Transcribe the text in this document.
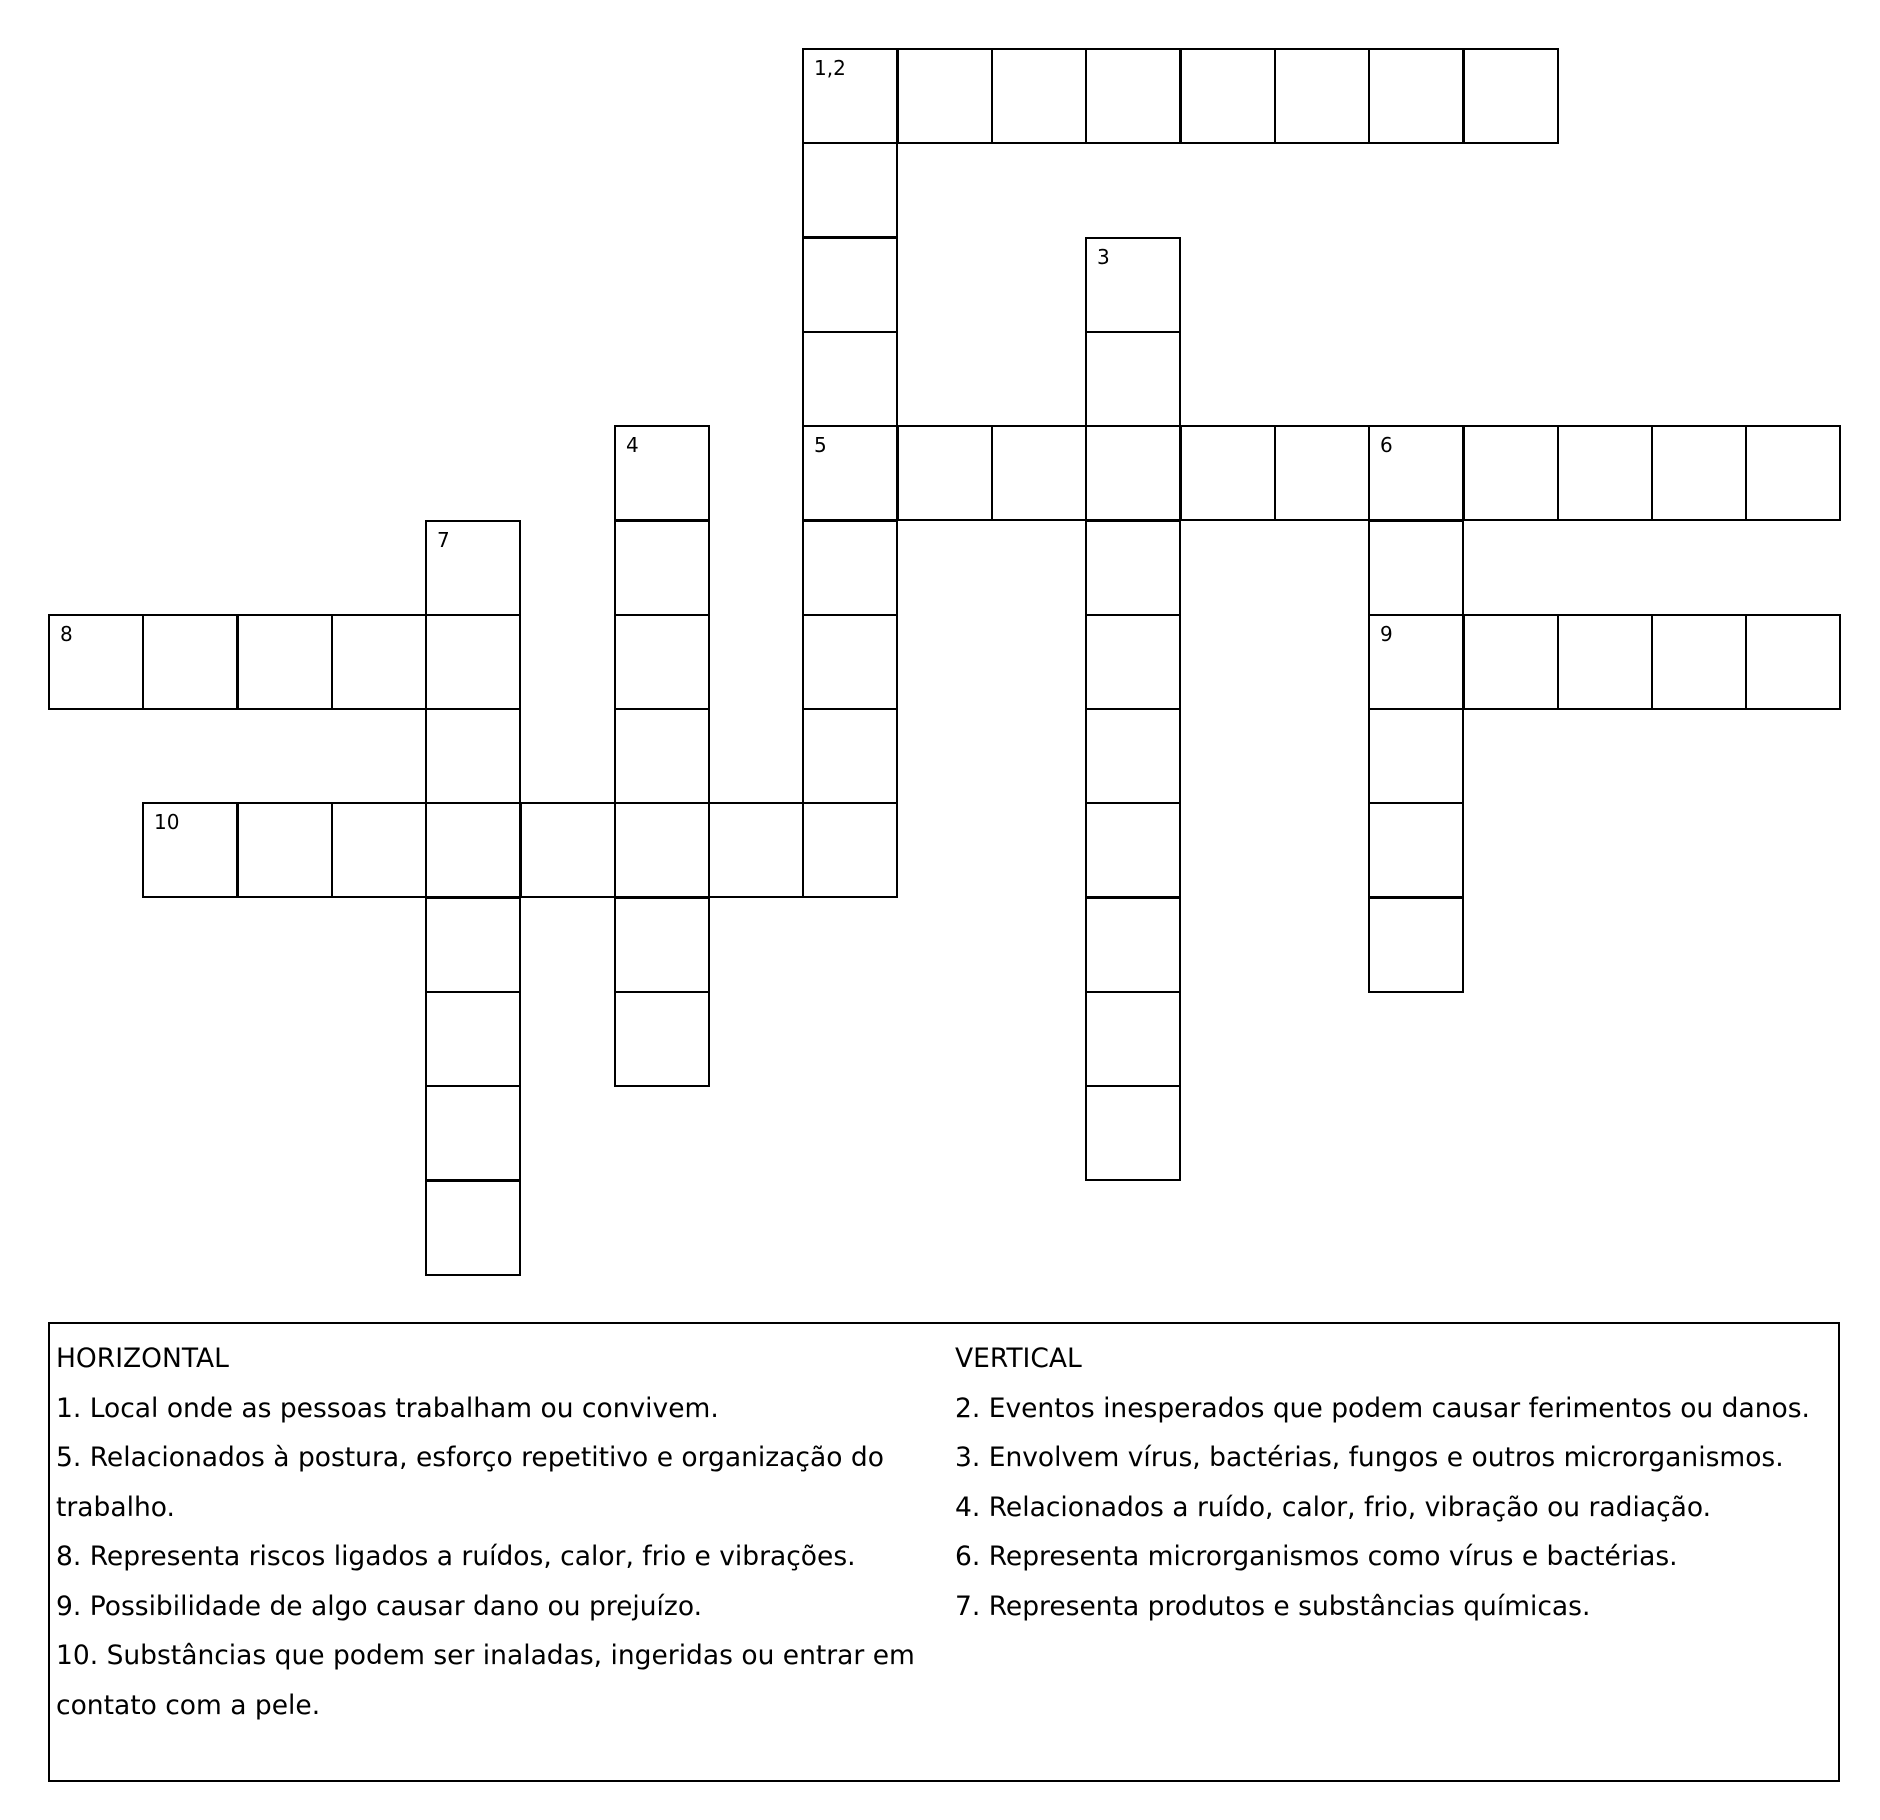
1,2
3
4	5	6
7
8	9
10
HORIZONTAL
1. Local onde as pessoas trabalham ou convivem.
5. Relacionados à postura, esforço repetitivo e organização do trabalho.
8. Representa riscos ligados a ruídos, calor, frio e vibrações.
9. Possibilidade de algo causar dano ou prejuízo.
10. Substâncias que podem ser inaladas, ingeridas ou entrar em contato com a pele.
VERTICAL
2. Eventos inesperados que podem causar ferimentos ou danos.
3. Envolvem vírus, bactérias, fungos e outros microrganismos.
4. Relacionados a ruído, calor, frio, vibração ou radiação.
6. Representa microrganismos como vírus e bactérias.
7. Representa produtos e substâncias químicas.
